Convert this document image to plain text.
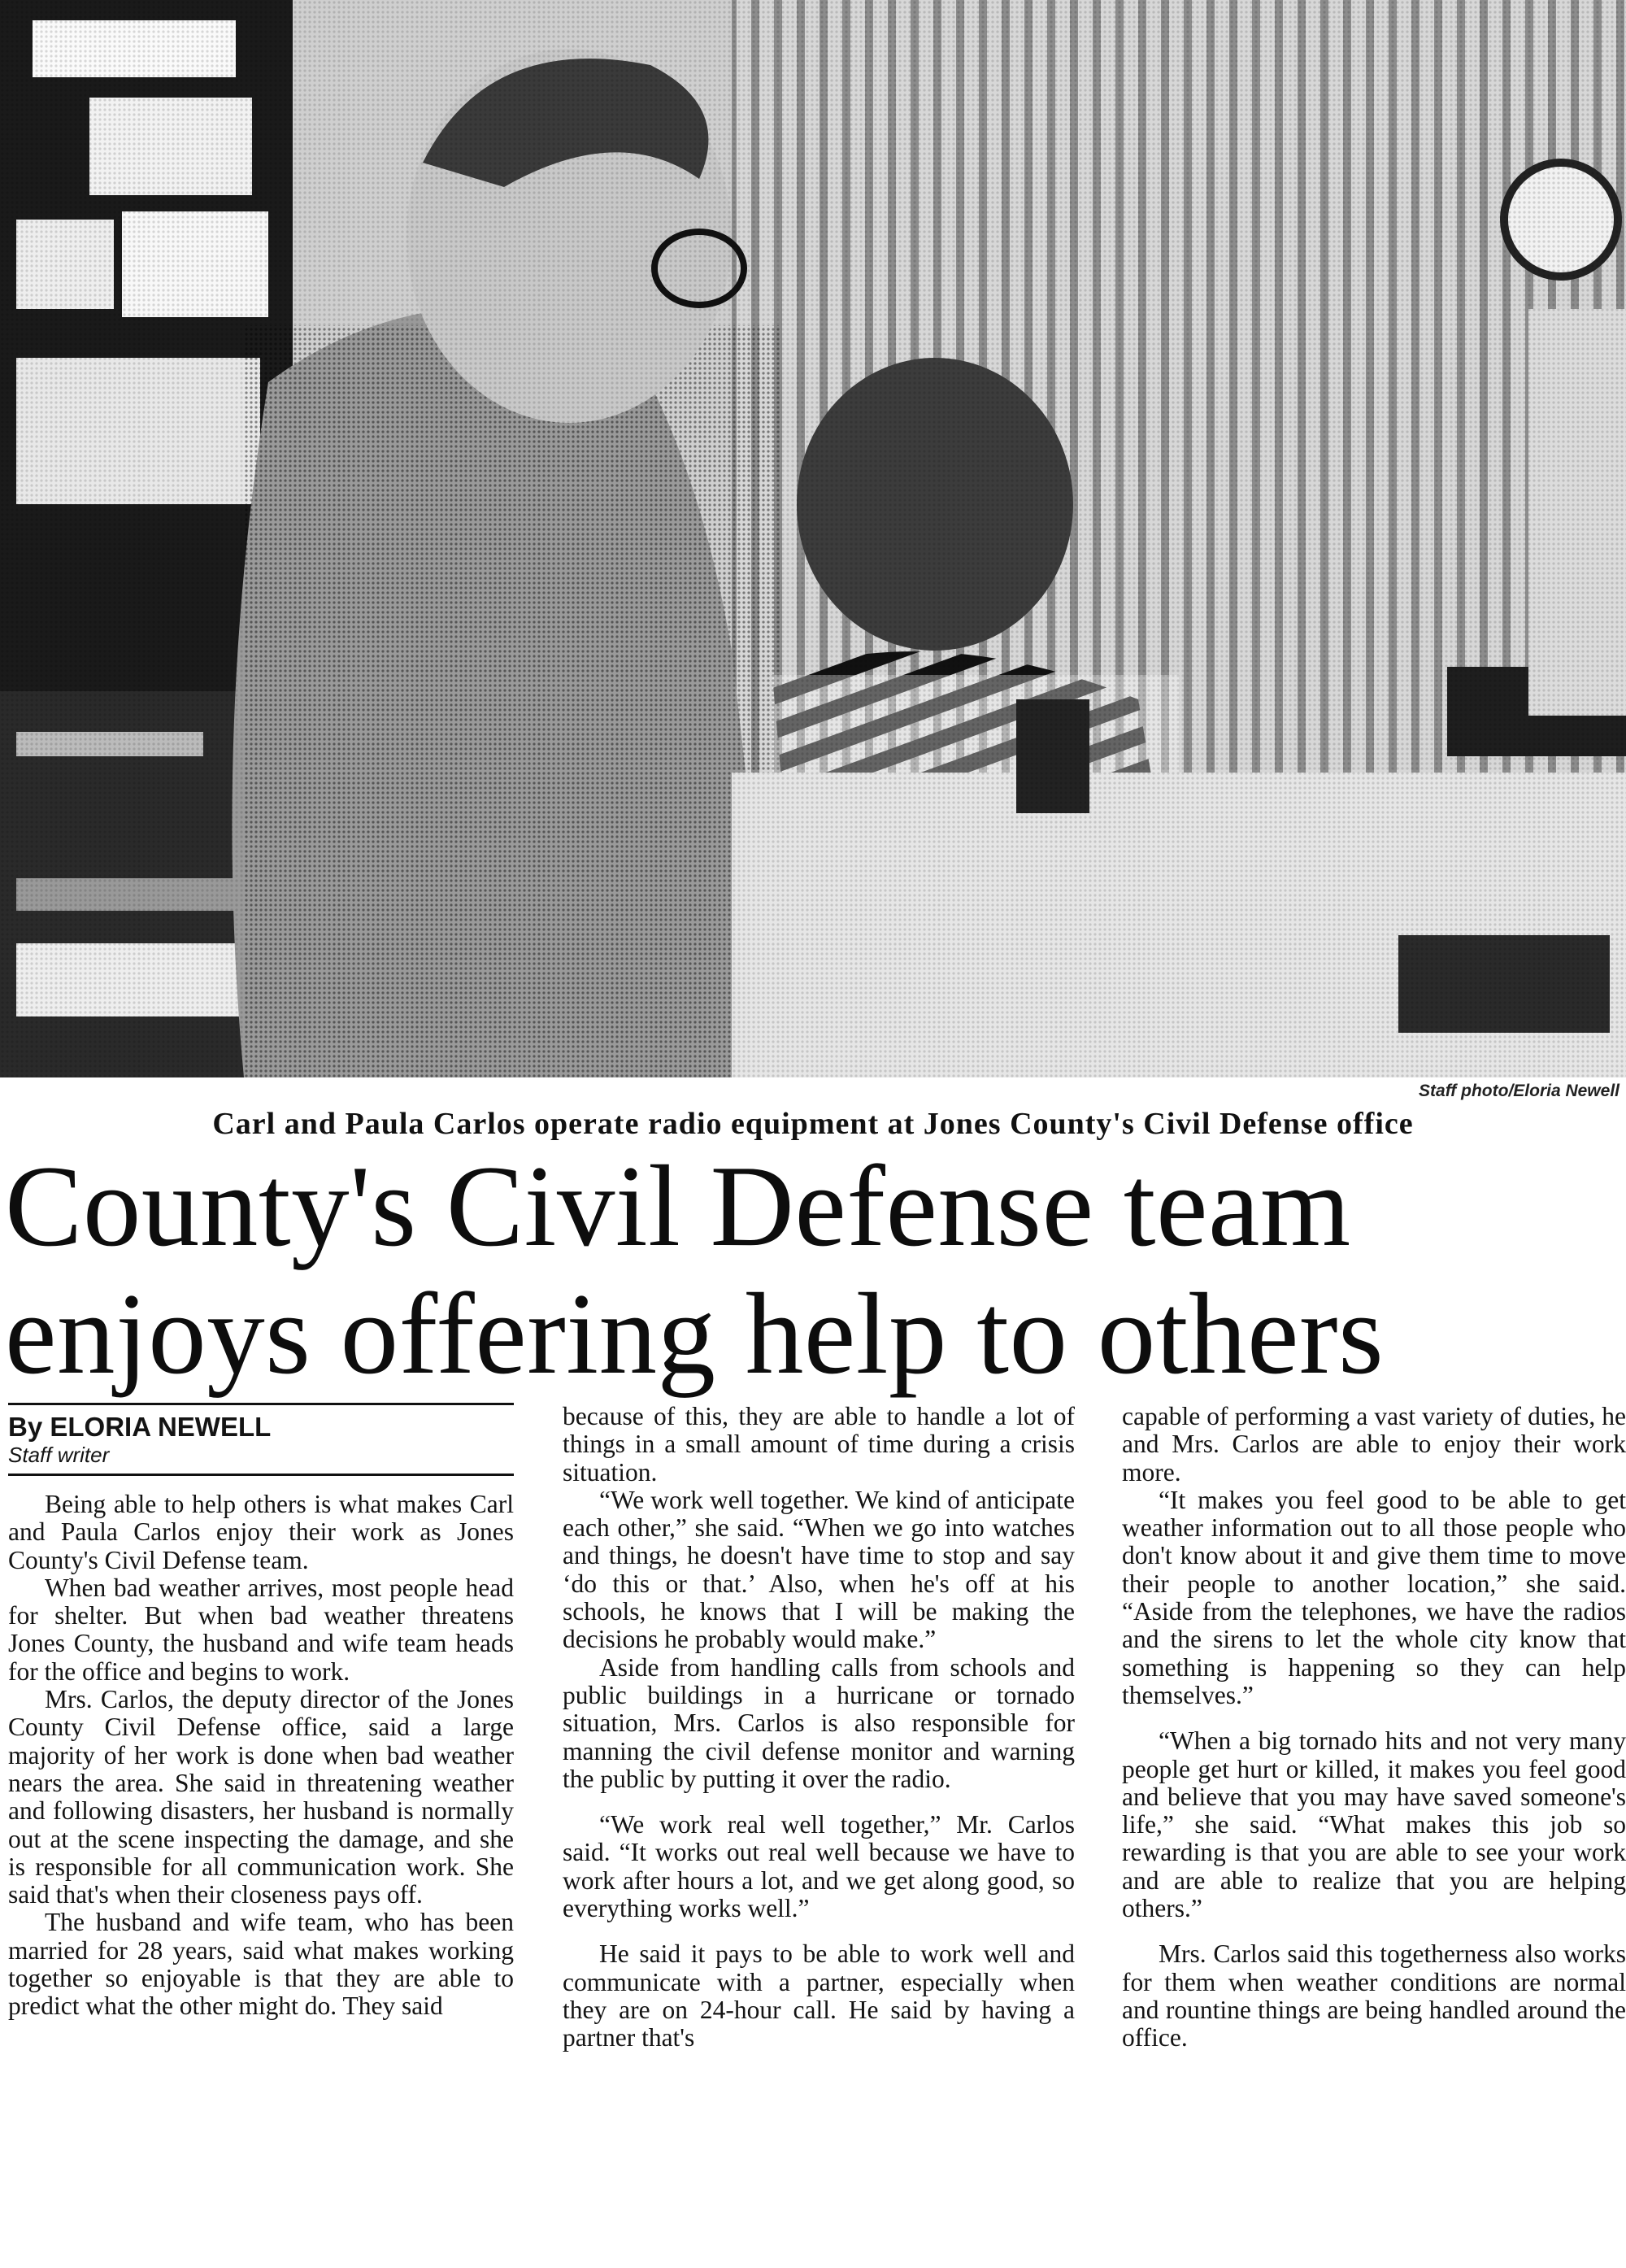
Staff photo/Eloria Newell
Carl and Paula Carlos operate radio equipment at Jones County's Civil Defense office
County's Civil Defense team
enjoys offering help to others
By ELORIA NEWELL
Staff writer

Being able to help others is what makes Carl and Paula Carlos enjoy their work as Jones County's Civil Defense team.

When bad weather arrives, most people head for shelter. But when bad weather threatens Jones County, the husband and wife team heads for the office and begins to work.

Mrs. Carlos, the deputy director of the Jones County Civil Defense office, said a large majority of her work is done when bad weather nears the area. She said in threatening weather and following disasters, her husband is normally out at the scene inspecting the damage, and she is responsible for all communication work. She said that's when their closeness pays off.

The husband and wife team, who has been married for 28 years, said what makes working together so enjoyable is that they are able to predict what the other might do. They said

because of this, they are able to handle a lot of things in a small amount of time during a crisis situation.

“We work well together. We kind of anticipate each other,” she said. “When we go into watches and things, he doesn't have time to stop and say ‘do this or that.’ Also, when he's off at his schools, he knows that I will be making the decisions he probably would make.”

Aside from handling calls from schools and public buildings in a hurricane or tornado situation, Mrs. Carlos is also responsible for manning the civil defense monitor and warning the public by putting it over the radio.

“We work real well together,” Mr. Carlos said. “It works out real well because we have to work after hours a lot, and we get along good, so everything works well.”

He said it pays to be able to work well and communicate with a partner, especially when they are on 24-hour call. He said by having a partner that's

capable of performing a vast variety of duties, he and Mrs. Carlos are able to enjoy their work more.

“It makes you feel good to be able to get weather information out to all those people who don't know about it and give them time to move their people to another location,” she said. “Aside from the telephones, we have the radios and the sirens to let the whole city know that something is happening so they can help themselves.”

“When a big tornado hits and not very many people get hurt or killed, it makes you feel good and believe that you may have saved someone's life,” she said. “What makes this job so rewarding is that you are able to see your work and are able to realize that you are helping others.”

Mrs. Carlos said this togetherness also works for them when weather conditions are normal and rountine things are being handled around the office.
